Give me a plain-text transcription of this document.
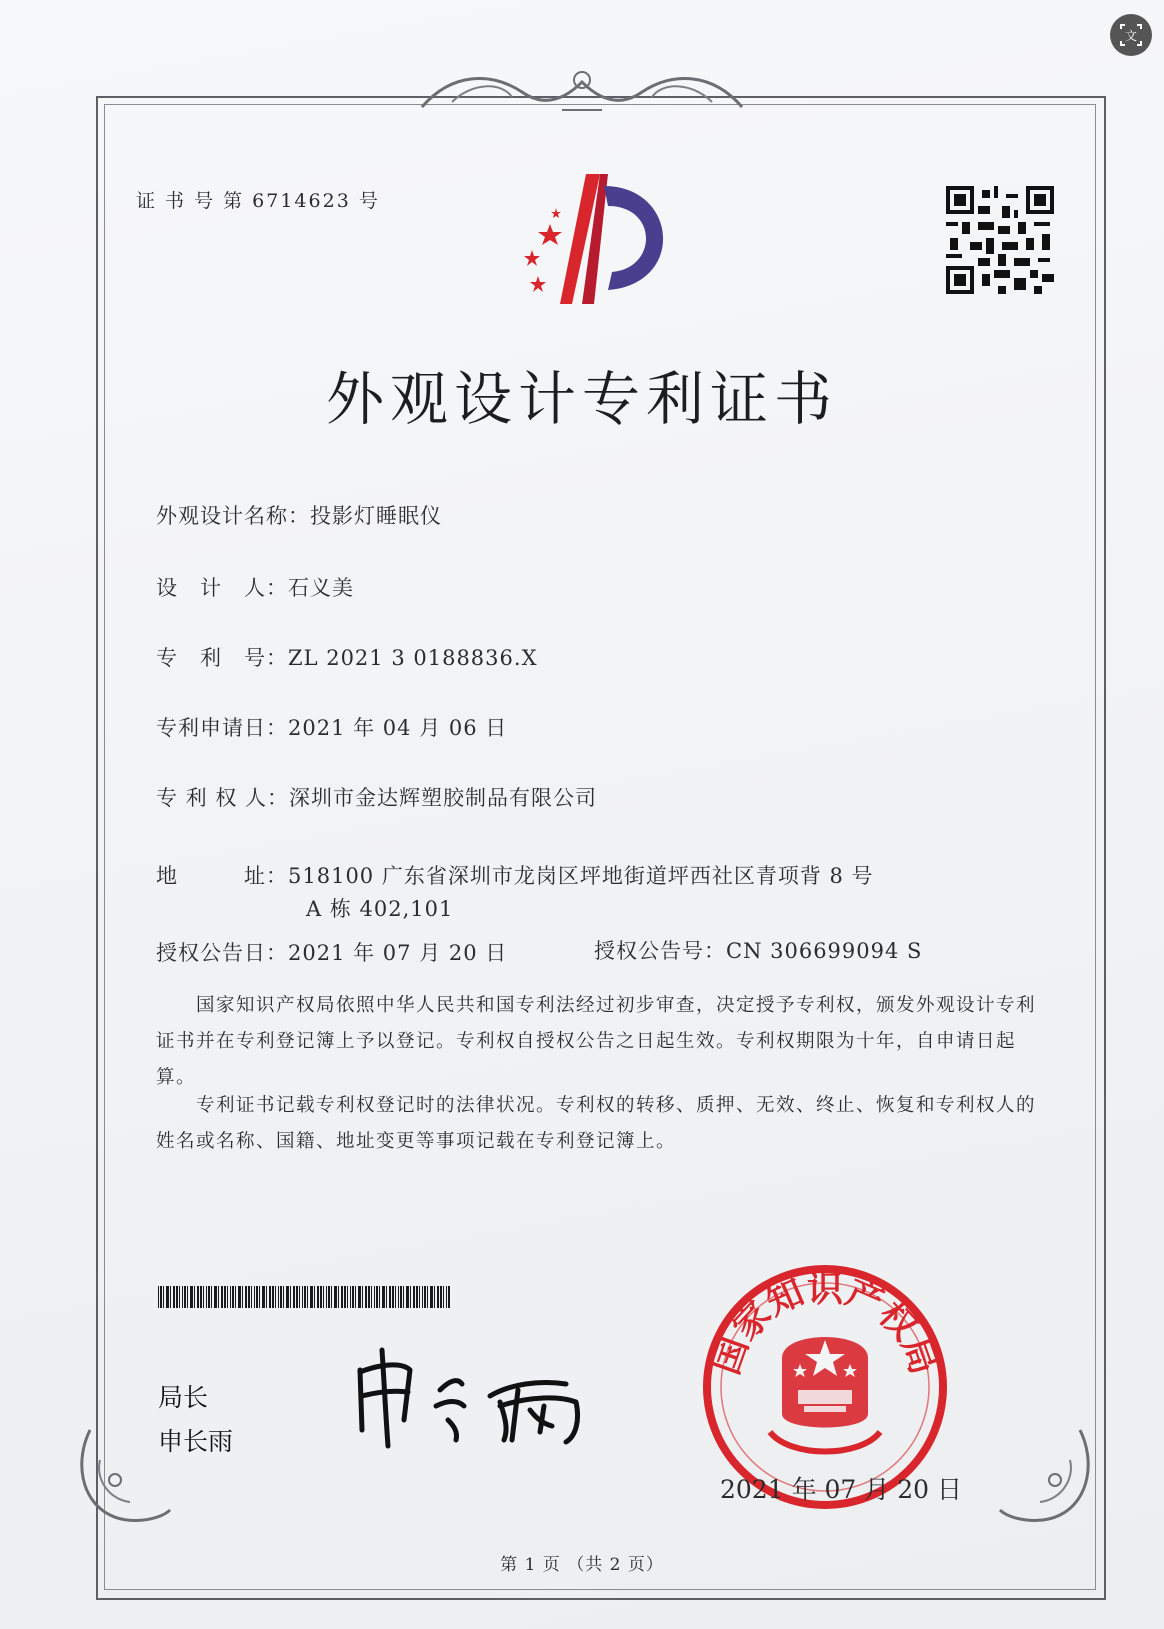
证 书 号 第 6714623 号
外观设计专利证书
外观设计名称：投影灯睡眠仪
设　计　人：石义美
专　利　号：ZL 2021 3 0188836.X
专利申请日：2021 年 04 月 06 日
专 利 权 人：深圳市金达辉塑胶制品有限公司
地　　　址：518100 广东省深圳市龙岗区坪地街道坪西社区青项背 8 号
A 栋 402,101
授权公告日：2021 年 07 月 20 日	授权公告号：CN 306699094 S
国家知识产权局依照中华人民共和国专利法经过初步审查，决定授予专利权，颁发外观设计专利证书并在专利登记簿上予以登记。专利权自授权公告之日起生效。专利权期限为十年，自申请日起算。
专利证书记载专利权登记时的法律状况。专利权的转移、质押、无效、终止、恢复和专利权人的姓名或名称、国籍、地址变更等事项记载在专利登记簿上。
局长
申长雨
国家知识产权局
2021 年 07 月 20 日
第 1 页 （共 2 页）
文
